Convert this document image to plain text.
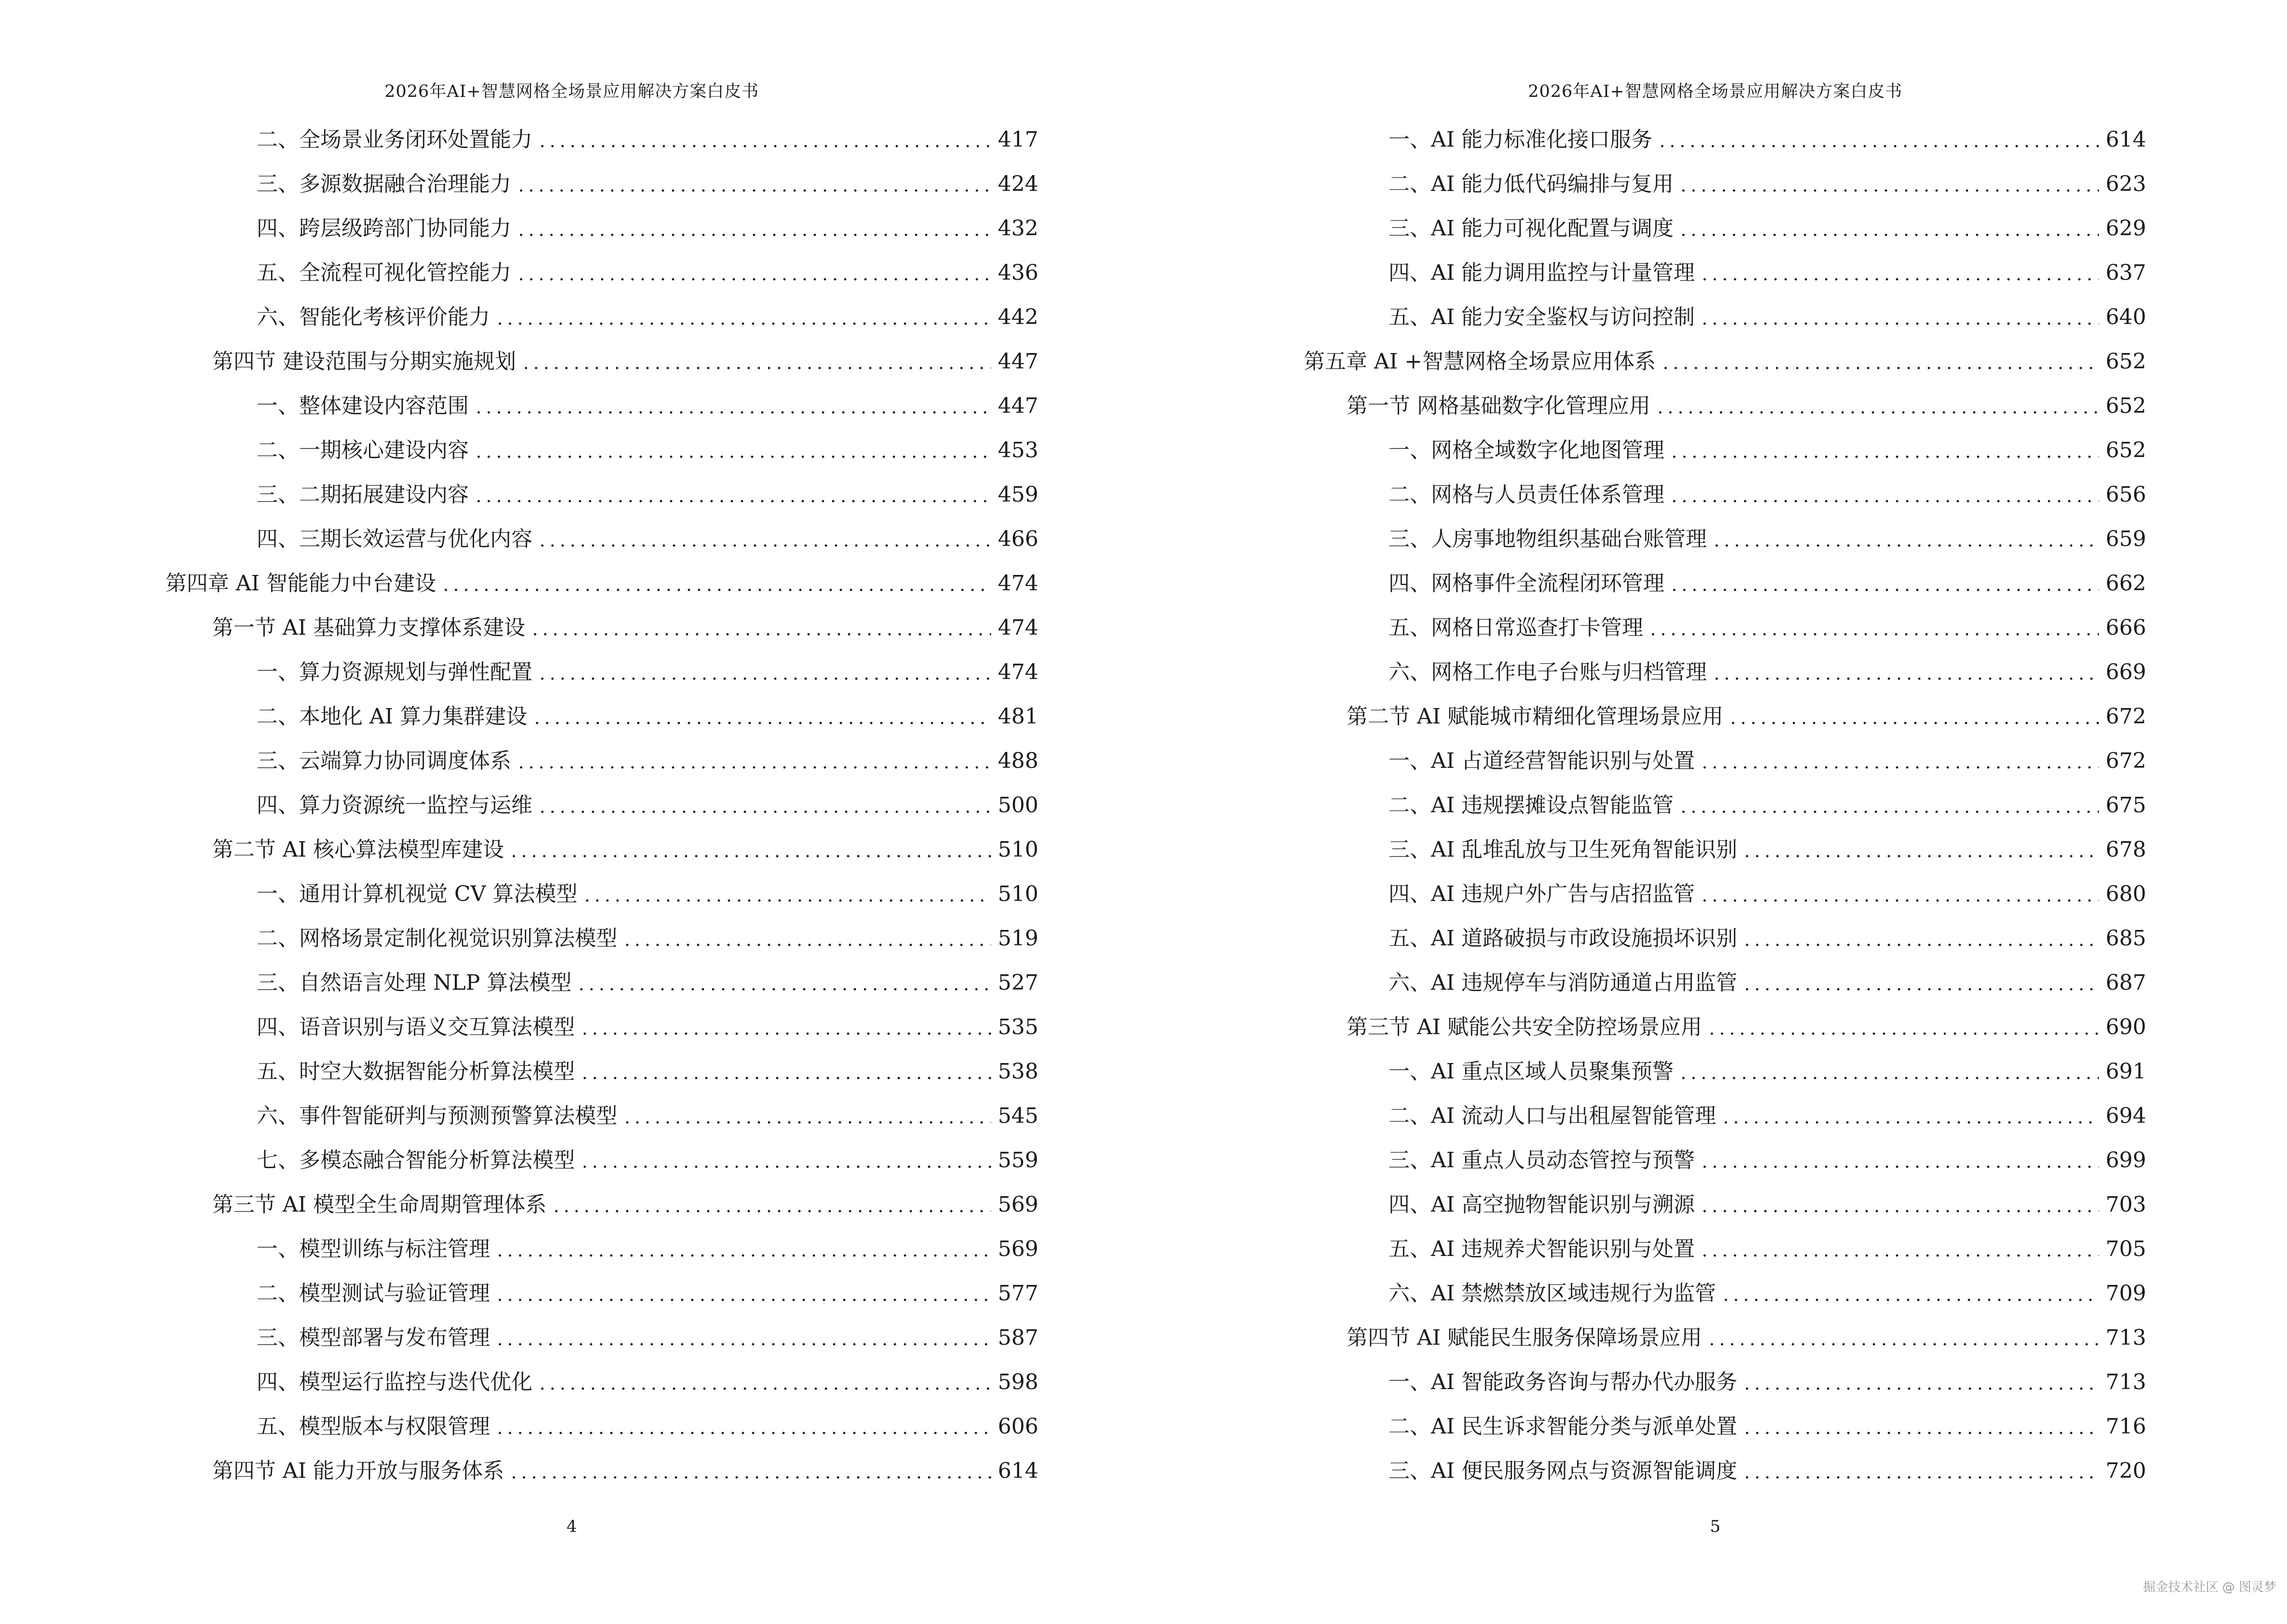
2026年AI+智慧网格全场景应用解决方案白皮书
二、全场景业务闭环处置能力	417
三、多源数据融合治理能力	424
四、跨层级跨部门协同能力	432
五、全流程可视化管控能力	436
六、智能化考核评价能力	442
第四节 建设范围与分期实施规划	447
一、整体建设内容范围	447
二、一期核心建设内容	453
三、二期拓展建设内容	459
四、三期长效运营与优化内容	466
第四章 AI 智能能力中台建设	474
第一节 AI 基础算力支撑体系建设	474
一、算力资源规划与弹性配置	474
二、本地化 AI 算力集群建设	481
三、云端算力协同调度体系	488
四、算力资源统一监控与运维	500
第二节 AI 核心算法模型库建设	510
一、通用计算机视觉 CV 算法模型	510
二、网格场景定制化视觉识别算法模型	519
三、自然语言处理 NLP 算法模型	527
四、语音识别与语义交互算法模型	535
五、时空大数据智能分析算法模型	538
六、事件智能研判与预测预警算法模型	545
七、多模态融合智能分析算法模型	559
第三节 AI 模型全生命周期管理体系	569
一、模型训练与标注管理	569
二、模型测试与验证管理	577
三、模型部署与发布管理	587
四、模型运行监控与迭代优化	598
五、模型版本与权限管理	606
第四节 AI 能力开放与服务体系	614
4
2026年AI+智慧网格全场景应用解决方案白皮书
一、AI 能力标准化接口服务	614
二、AI 能力低代码编排与复用	623
三、AI 能力可视化配置与调度	629
四、AI 能力调用监控与计量管理	637
五、AI 能力安全鉴权与访问控制	640
第五章 AI +智慧网格全场景应用体系	652
第一节 网格基础数字化管理应用	652
一、网格全域数字化地图管理	652
二、网格与人员责任体系管理	656
三、人房事地物组织基础台账管理	659
四、网格事件全流程闭环管理	662
五、网格日常巡查打卡管理	666
六、网格工作电子台账与归档管理	669
第二节 AI 赋能城市精细化管理场景应用	672
一、AI 占道经营智能识别与处置	672
二、AI 违规摆摊设点智能监管	675
三、AI 乱堆乱放与卫生死角智能识别	678
四、AI 违规户外广告与店招监管	680
五、AI 道路破损与市政设施损坏识别	685
六、AI 违规停车与消防通道占用监管	687
第三节 AI 赋能公共安全防控场景应用	690
一、AI 重点区域人员聚集预警	691
二、AI 流动人口与出租屋智能管理	694
三、AI 重点人员动态管控与预警	699
四、AI 高空抛物智能识别与溯源	703
五、AI 违规养犬智能识别与处置	705
六、AI 禁燃禁放区域违规行为监管	709
第四节 AI 赋能民生服务保障场景应用	713
一、AI 智能政务咨询与帮办代办服务	713
二、AI 民生诉求智能分类与派单处置	716
三、AI 便民服务网点与资源智能调度	720
5
掘金技术社区 @ 图灵梦
